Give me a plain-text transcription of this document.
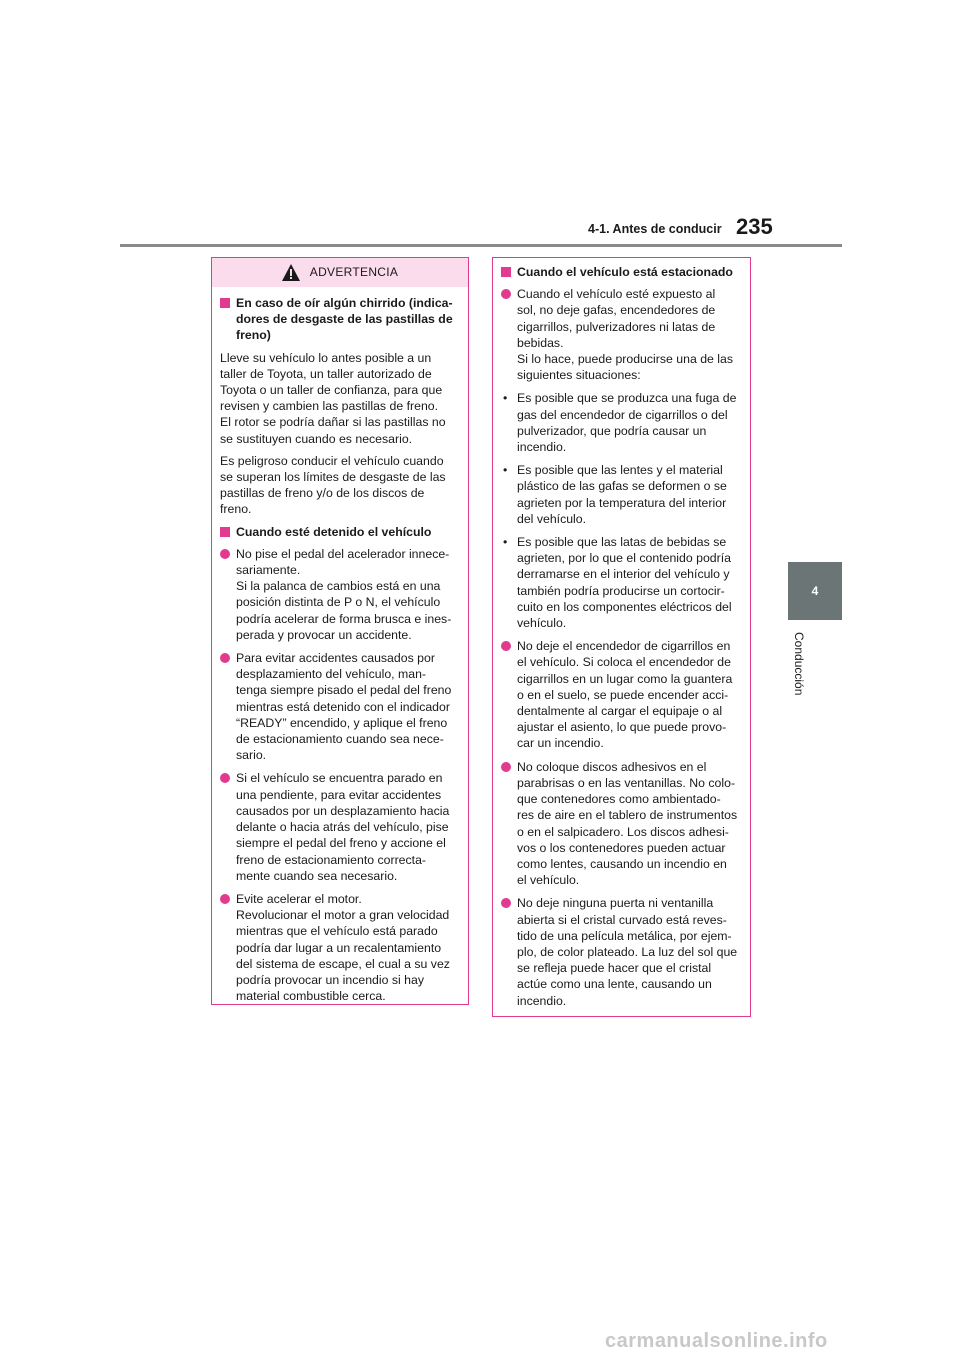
4-1. Antes de conducir 235
4
Conducción
ADVERTENCIA
En caso de oír algún chirrido (indica-
dores de desgaste de las pastillas de
freno)

Lleve su vehículo lo antes posible a un
taller de Toyota, un taller autorizado de
Toyota o un taller de confianza, para que
revisen y cambien las pastillas de freno.
El rotor se podría dañar si las pastillas no
se sustituyen cuando es necesario.

Es peligroso conducir el vehículo cuando
se superan los límites de desgaste de las
pastillas de freno y/o de los discos de
freno.

Cuando esté detenido el vehículo
No pise el pedal del acelerador innece-
sariamente.
Si la palanca de cambios está en una
posición distinta de P o N, el vehículo
podría acelerar de forma brusca e ines-
perada y provocar un accidente.
Para evitar accidentes causados por
desplazamiento del vehículo, man-
tenga siempre pisado el pedal del freno
mientras está detenido con el indicador
“READY” encendido, y aplique el freno
de estacionamiento cuando sea nece-
sario.
Si el vehículo se encuentra parado en
una pendiente, para evitar accidentes
causados por un desplazamiento hacia
delante o hacia atrás del vehículo, pise
siempre el pedal del freno y accione el
freno de estacionamiento correcta-
mente cuando sea necesario.
Evite acelerar el motor.
Revolucionar el motor a gran velocidad
mientras que el vehículo está parado
podría dar lugar a un recalentamiento
del sistema de escape, el cual a su vez
podría provocar un incendio si hay
material combustible cerca.
Cuando el vehículo está estacionado
Cuando el vehículo esté expuesto al
sol, no deje gafas, encendedores de
cigarrillos, pulverizadores ni latas de
bebidas.
Si lo hace, puede producirse una de las
siguientes situaciones:
• Es posible que se produzca una fuga de
gas del encendedor de cigarrillos o del
pulverizador, que podría causar un
incendio.
• Es posible que las lentes y el material
plástico de las gafas se deformen o se
agrieten por la temperatura del interior
del vehículo.
• Es posible que las latas de bebidas se
agrieten, por lo que el contenido podría
derramarse en el interior del vehículo y
también podría producirse un cortocir-
cuito en los componentes eléctricos del
vehículo.
No deje el encendedor de cigarrillos en
el vehículo. Si coloca el encendedor de
cigarrillos en un lugar como la guantera
o en el suelo, se puede encender acci-
dentalmente al cargar el equipaje o al
ajustar el asiento, lo que puede provo-
car un incendio.
No coloque discos adhesivos en el
parabrisas o en las ventanillas. No colo-
que contenedores como ambientado-
res de aire en el tablero de instrumentos
o en el salpicadero. Los discos adhesi-
vos o los contenedores pueden actuar
como lentes, causando un incendio en
el vehículo.
No deje ninguna puerta ni ventanilla
abierta si el cristal curvado está reves-
tido de una película metálica, por ejem-
plo, de color plateado. La luz del sol que
se refleja puede hacer que el cristal
actúe como una lente, causando un
incendio.
carmanualsonline.info
